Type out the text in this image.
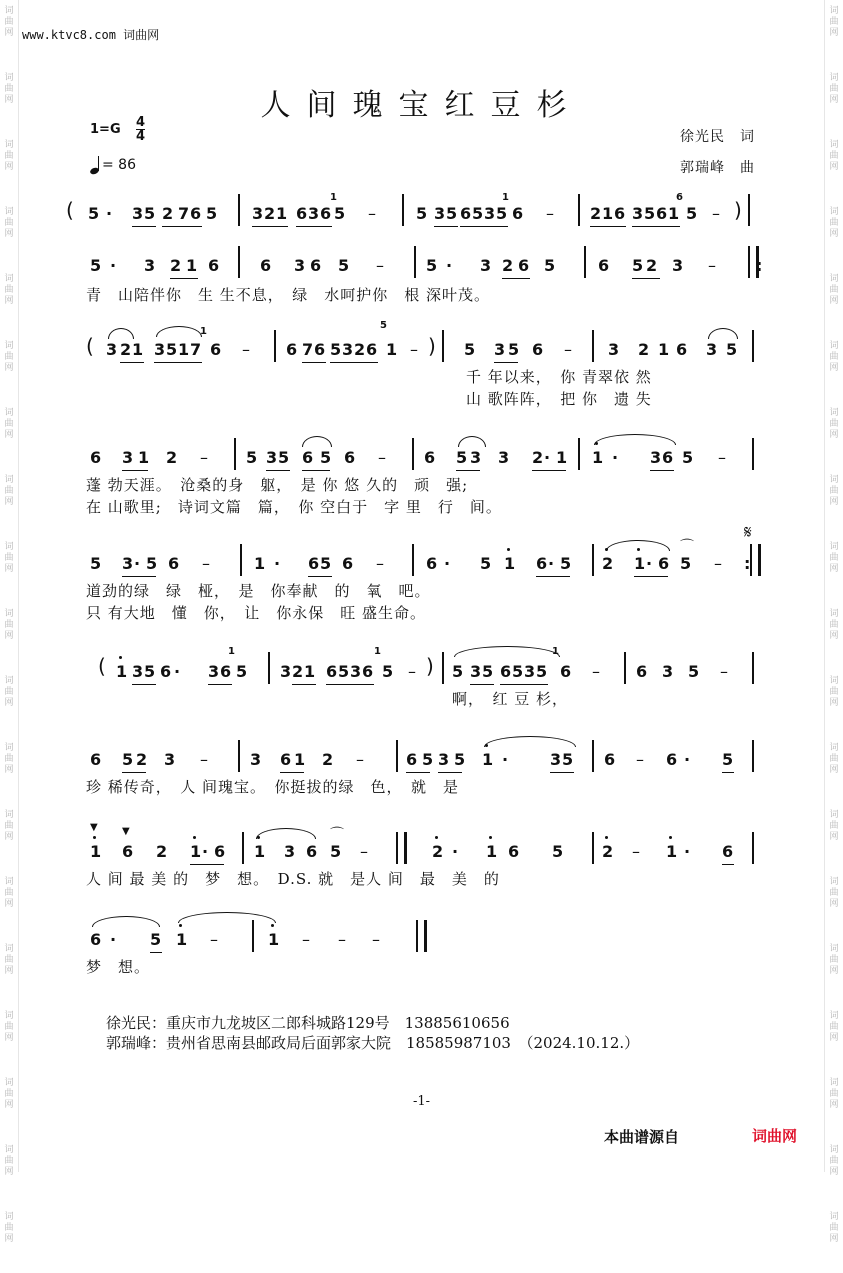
词
曲
网
词
曲
网
词
曲
网
词
曲
网
词
曲
网
词
曲
网
词
曲
网
词
曲
网
词
曲
网
词
曲
网
词
曲
网
词
曲
网
词
曲
网
词
曲
网
词
曲
网
词
曲
网
词
曲
网
词
曲
网
词
曲
网
词
曲
网
词
曲
网
词
曲
网
词
曲
网
词
曲
网
词
曲
网
词
曲
网
词
曲
网
词
曲
网
词
曲
网
词
曲
网
词
曲
网
词
曲
网
词
曲
网
词
曲
网
词
曲
网
词
曲
网
词
曲
网
词
曲
网
www.ktvc8.com 词曲网
人间瑰宝红豆杉
1=G 4
4
= 86
徐光民　词
郭瑞峰　曲
( 5 · 3 5 2 7 6 5 3 2 1 6 3 6
1
5 –	5 3 5 6 5 3 5
1
6 – 2 1 6 3 5 6 1
6
5 – )
5 · 3 2 1 6	6 3 6 5 –	5 · 3 2 6 5	6 5 2 3 –	:
青　山陪伴你　生 生不息，　绿　水呵护你　根 深叶茂。
( 3 2 1 3 5 1 7
1
6 – 6 7 6 5 3 2 6
5
1 – ) 5 3 5 6 – 3 2 1 6 3 5
千 年以来，　你 青翠依 然
山 歌阵阵，　把 你　遗 失
6 3 1 2 – 5 3 5 6 5 6 – 6 5 3 3 2 · 1 1 · 3 6 5 –
蓬 勃天涯。　沧桑的身　躯，　是 你 悠 久的　顽　强;
在 山歌里;　诗词文篇　篇，　你 空白于　字 里　行　间。
5 3 · 5 6 –	1 · 6 5 6 –	6 · 5 1 6 · 5 2 1 · 6 5
⌒
– :
𝄋
道劲的绿　绿　桠，　是　你奉献　的　氧　吧。
只 有大地　懂　你，　让　你永保　旺 盛生命。
( 1 3 5 6 · 3 6
1
5 3 2 1 6 5 3 6
1
5 – ) 5 3 5 6 5 3 5
1
6 – 6 3 5 –
啊，　红 豆 杉，
6 5 2 3 –	3 6 1 2 –	6 5 3 5 1 ·	3 5 6 – 6 · 5
珍 稀传奇，　人 间瑰宝。　你挺拔的绿　色，　就　是
▼ ▼
1 6 2 1 · 6 1 3 6 5
⌒
–	2 · 1 6 5 2 – 1 · 6
人 间 最 美 的　梦　想。　D.S. 就　是人 间　最　美　的
6 · 5 1 –	1 – – –
梦　想。
徐光民：重庆市九龙坡区二郎科城路129号　13885610656
郭瑞峰：贵州省思南县邮政局后面郭家大院　18585987103　（2024.10.12.）
-1-
本曲谱源自	词曲网
